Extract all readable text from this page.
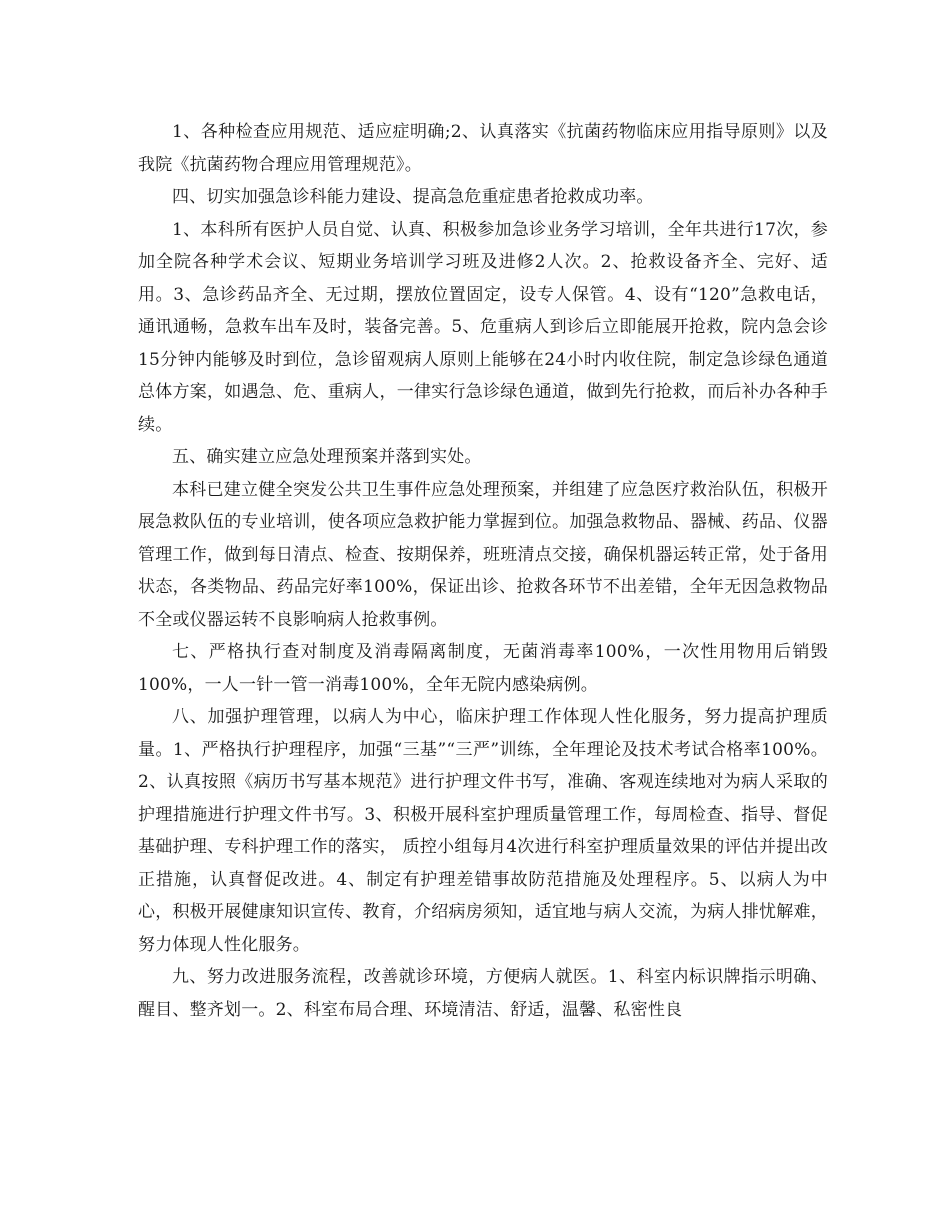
1、各种检查应用规范、适应症明确;2、认真落实《抗菌药物临床应用指导原则》以及我院《抗菌药物合理应用管理规范》。

四、切实加强急诊科能力建设、提高急危重症患者抢救成功率。

1、本科所有医护人员自觉、认真、积极参加急诊业务学习培训，全年共进行17次，参加全院各种学术会议、短期业务培训学习班及进修2人次。2、抢救设备齐全、完好、适用。3、急诊药品齐全、无过期，摆放位置固定，设专人保管。4、设有“120”急救电话，通讯通畅，急救车出车及时，装备完善。5、危重病人到诊后立即能展开抢救，院内急会诊15分钟内能够及时到位，急诊留观病人原则上能够在24小时内收住院，制定急诊绿色通道总体方案，如遇急、危、重病人，一律实行急诊绿色通道，做到先行抢救，而后补办各种手续。

五、确实建立应急处理预案并落到实处。

本科已建立健全突发公共卫生事件应急处理预案，并组建了应急医疗救治队伍，积极开展急救队伍的专业培训，使各项应急救护能力掌握到位。加强急救物品、器械、药品、仪器管理工作，做到每日清点、检查、按期保养，班班清点交接，确保机器运转正常，处于备用状态，各类物品、药品完好率100%，保证出诊、抢救各环节不出差错，全年无因急救物品不全或仪器运转不良影响病人抢救事例。

七、严格执行查对制度及消毒隔离制度，无菌消毒率100%，一次性用物用后销毁100%，一人一针一管一消毒100%，全年无院内感染病例。

八、加强护理管理，以病人为中心，临床护理工作体现人性化服务，努力提高护理质量。1、严格执行护理程序，加强“三基”“三严”训练，全年理论及技术考试合格率100%。2、认真按照《病历书写基本规范》进行护理文件书写，准确、客观连续地对为病人采取的护理措施进行护理文件书写。3、积极开展科室护理质量管理工作，每周检查、指导、督促基础护理、专科护理工作的落实， 质控小组每月4次进行科室护理质量效果的评估并提出改正措施，认真督促改进。4、制定有护理差错事故防范措施及处理程序。5、以病人为中心，积极开展健康知识宣传、教育，介绍病房须知，适宜地与病人交流，为病人排忧解难，努力体现人性化服务。

九、努力改进服务流程，改善就诊环境，方便病人就医。1、科室内标识牌指示明确、醒目、整齐划一。2、科室布局合理、环境清洁、舒适，温馨、私密性良
